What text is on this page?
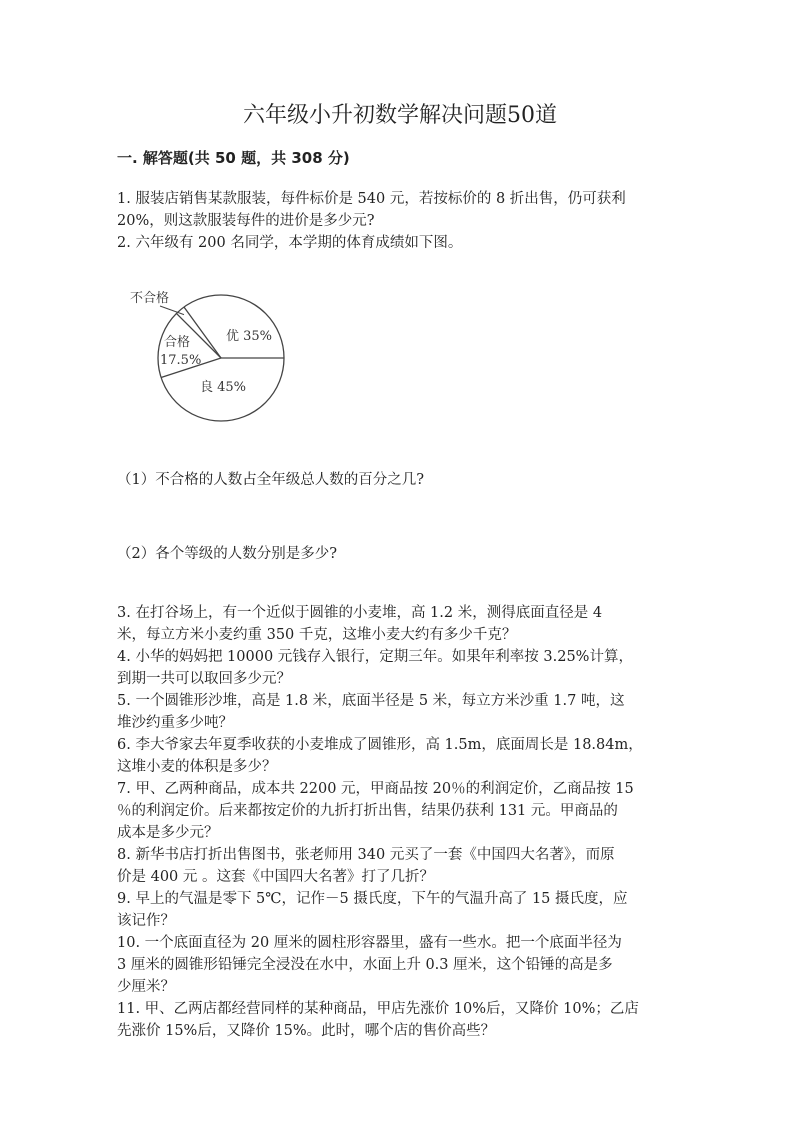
六年级小升初数学解决问题50道
一. 解答题(共 50 题，共 308 分)
1. 服装店销售某款服装，每件标价是 540 元，若按标价的 8 折出售，仍可获利
20%，则这款服装每件的进价是多少元?
2. 六年级有 200 名同学，本学期的体育成绩如下图。
不合格
优 35%
合格
17.5%
良 45%
（1）不合格的人数占全年级总人数的百分之几?
（2）各个等级的人数分别是多少?
3. 在打谷场上，有一个近似于圆锥的小麦堆，高 1.2 米，测得底面直径是 4
米，每立方米小麦约重 350 千克，这堆小麦大约有多少千克？
4. 小华的妈妈把 10000 元钱存入银行，定期三年。如果年利率按 3.25%计算，
到期一共可以取回多少元？
5. 一个圆锥形沙堆，高是 1.8 米，底面半径是 5 米，每立方米沙重 1.7 吨，这
堆沙约重多少吨？
6. 李大爷家去年夏季收获的小麦堆成了圆锥形，高 1.5m，底面周长是 18.84m，
这堆小麦的体积是多少？
7. 甲、乙两种商品，成本共 2200 元，甲商品按 20％的利润定价，乙商品按 15
％的利润定价。后来都按定价的九折打折出售，结果仍获利 131 元。甲商品的
成本是多少元？
8. 新华书店打折出售图书，张老师用 340 元买了一套《中国四大名著》，而原
价是 400 元 。这套《中国四大名著》打了几折？
9. 早上的气温是零下 5℃，记作－5 摄氏度，下午的气温升高了 15 摄氏度，应
该记作？
10. 一个底面直径为 20 厘米的圆柱形容器里，盛有一些水。把一个底面半径为
3 厘米的圆锥形铅锤完全浸没在水中，水面上升 0.3 厘米，这个铅锤的高是多
少厘米？
11. 甲、乙两店都经营同样的某种商品，甲店先涨价 10%后，又降价 10%；乙店
先涨价 15%后，又降价 15%。此时，哪个店的售价高些？
